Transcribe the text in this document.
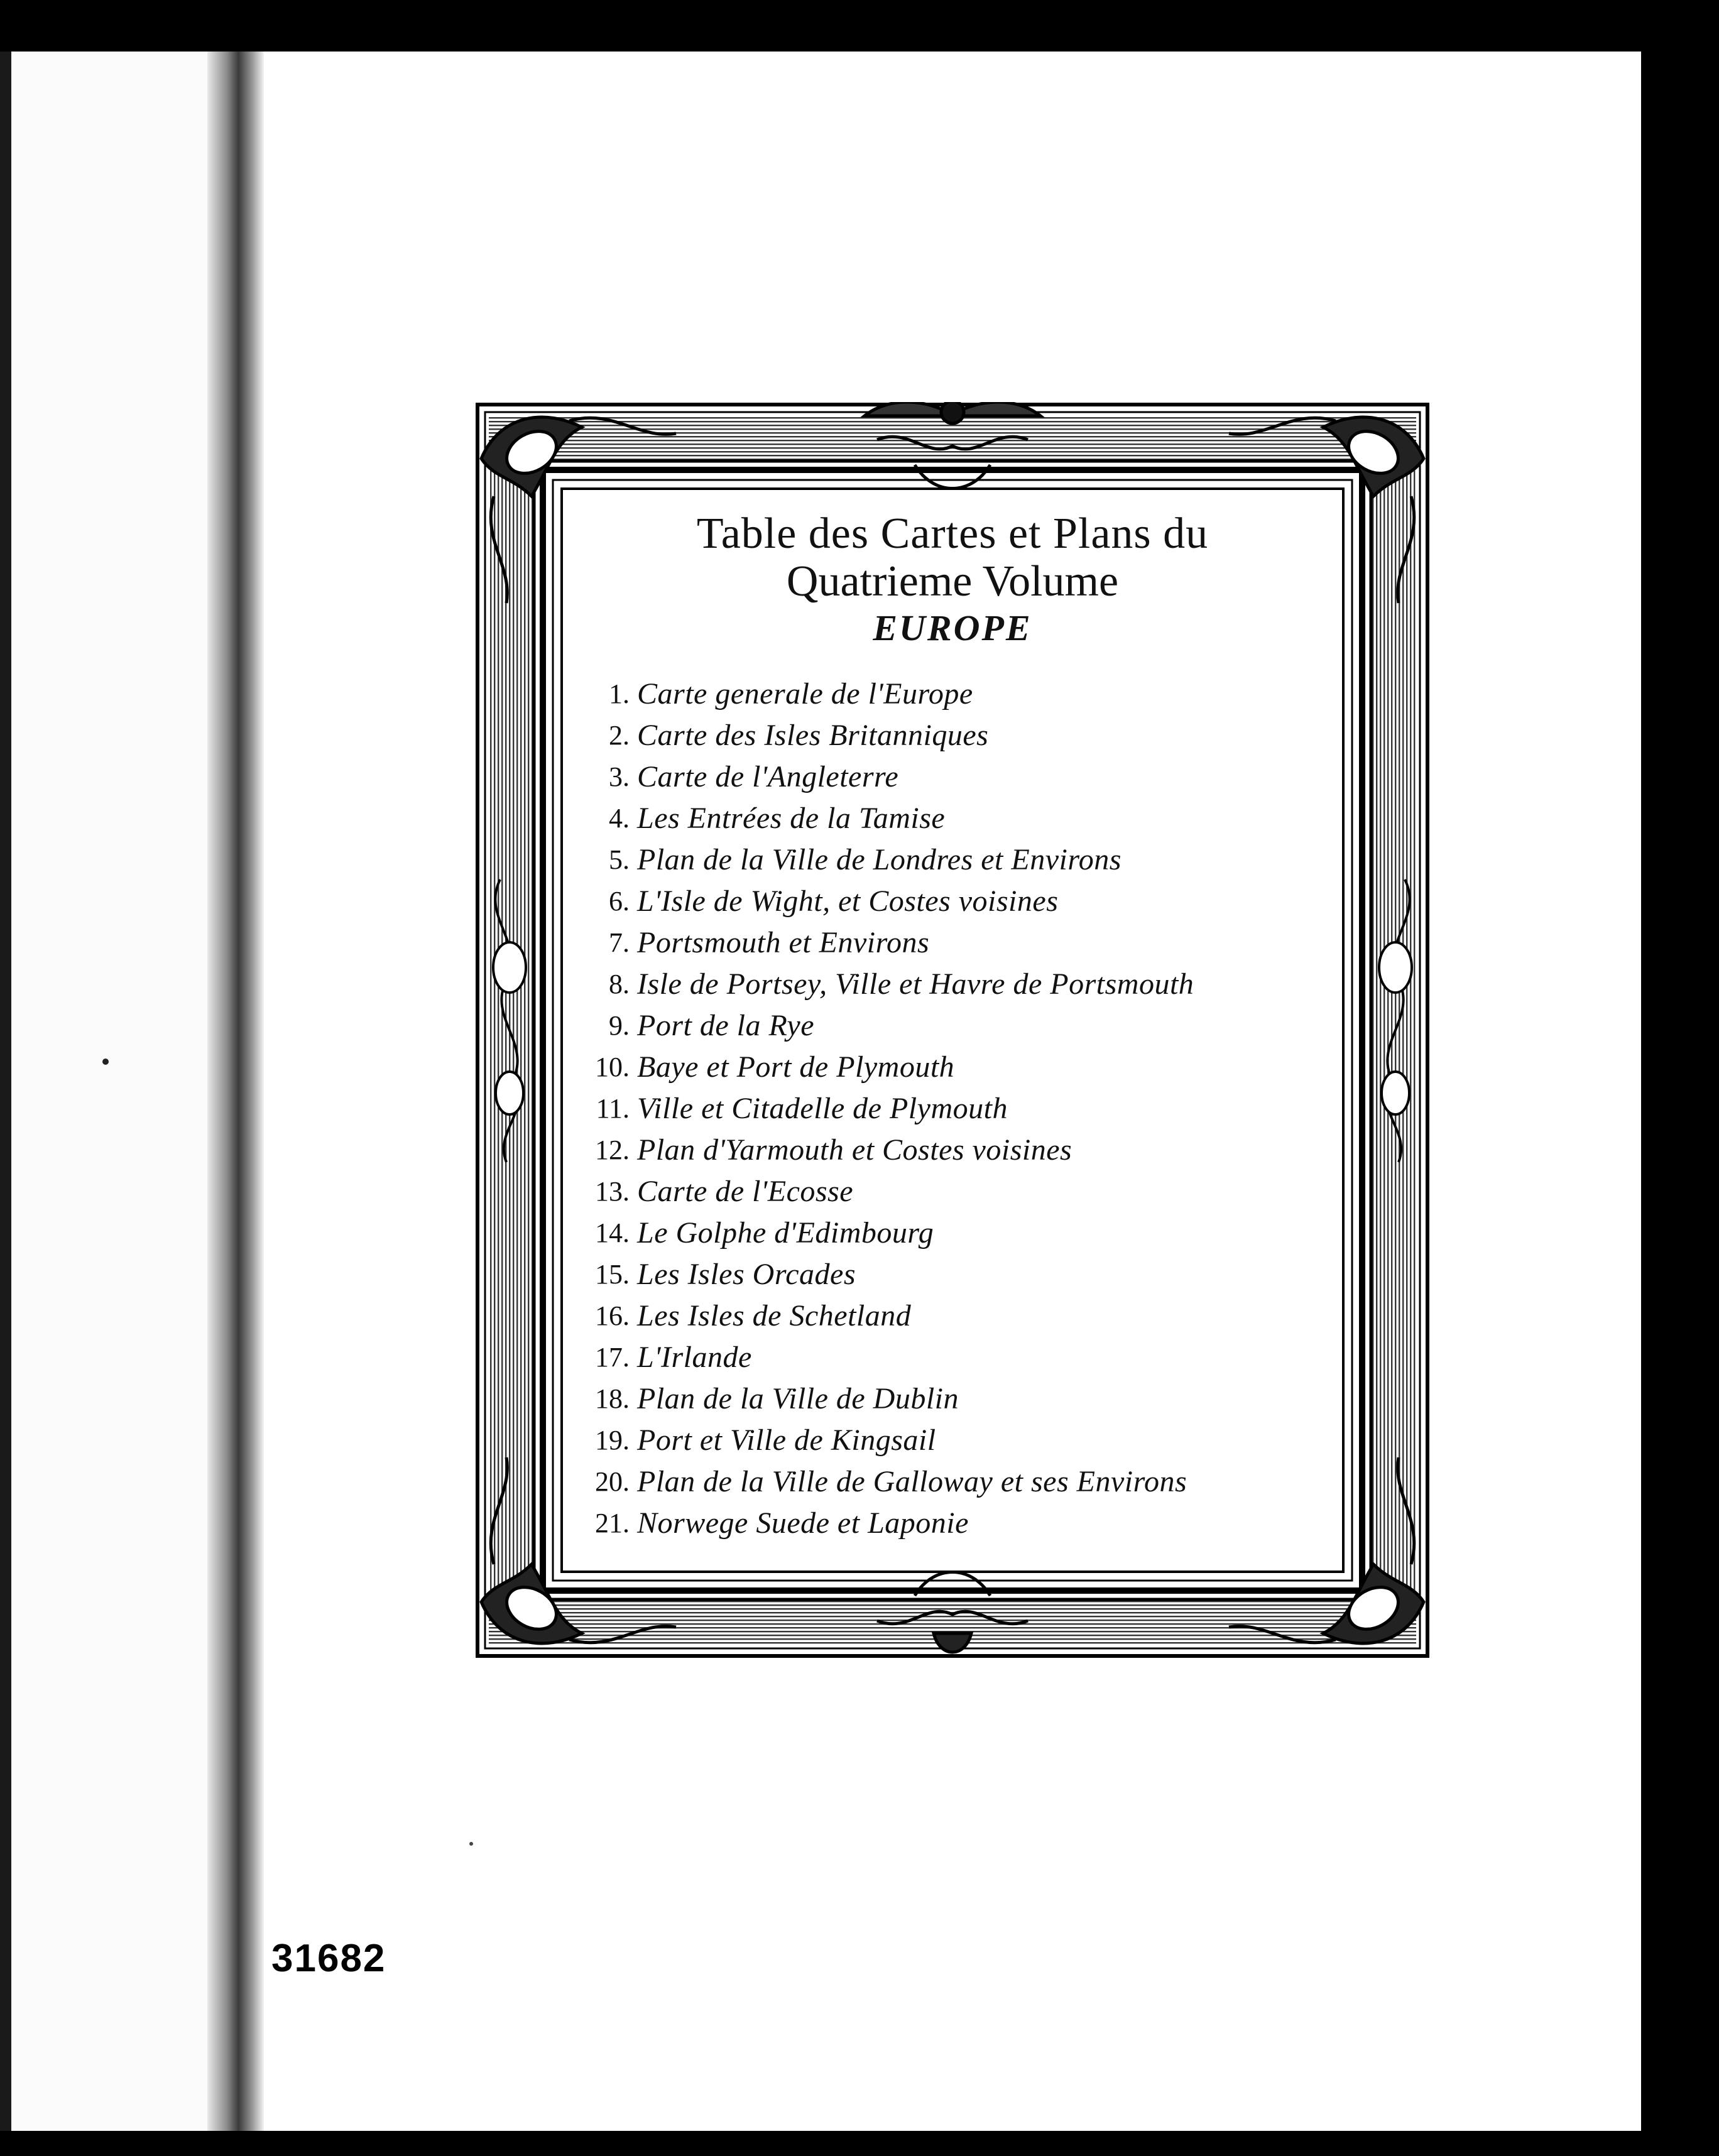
Table des Cartes et Plans du
Quatrieme Volume
EUROPE
1. Carte generale de l'Europe
2. Carte des Isles Britanniques
3. Carte de l'Angleterre
4. Les Entrées de la Tamise
5. Plan de la Ville de Londres et Environs
6. L'Isle de Wight, et Costes voisines
7. Portsmouth et Environs
8. Isle de Portsey, Ville et Havre de Portsmouth
9. Port de la Rye
10. Baye et Port de Plymouth
11. Ville et Citadelle de Plymouth
12. Plan d'Yarmouth et Costes voisines
13. Carte de l'Ecosse
14. Le Golphe d'Edimbourg
15. Les Isles Orcades
16. Les Isles de Schetland
17. L'Irlande
18. Plan de la Ville de Dublin
19. Port et Ville de Kingsail
20. Plan de la Ville de Galloway et ses Environs
21. Norwege Suede et Laponie
31682
